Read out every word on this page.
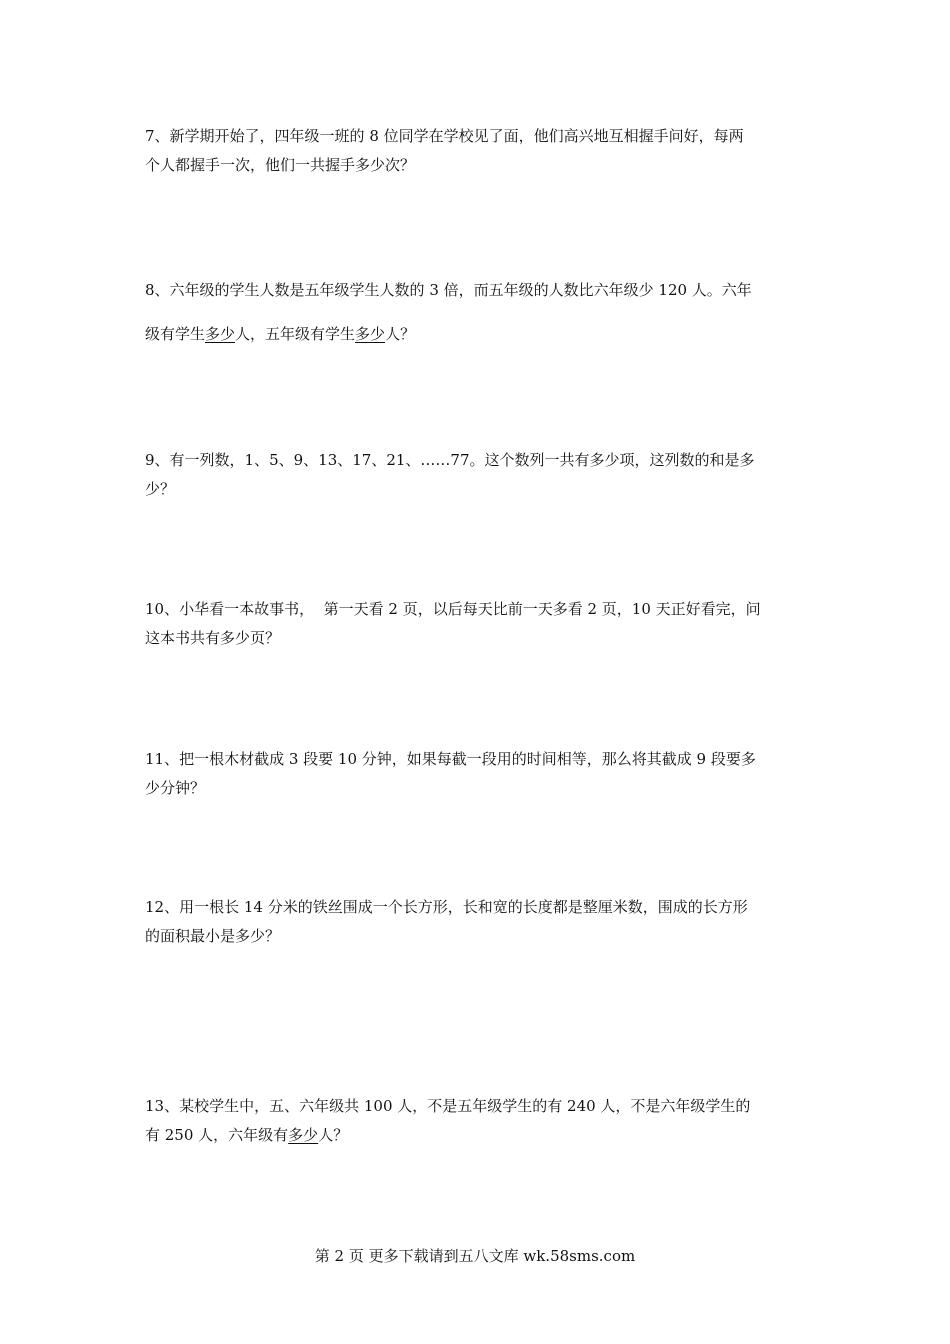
7、新学期开始了，四年级一班的 8 位同学在学校见了面，他们高兴地互相握手问好，每两

个人都握手一次，他们一共握手多少次？

8、六年级的学生人数是五年级学生人数的 3 倍，而五年级的人数比六年级少 120 人。六年

级有学生多少人，五年级有学生多少人？

9、有一列数，1、5、9、13、17、21、……77。这个数列一共有多少项，这列数的和是多

少？

10、小华看一本故事书，  第一天看 2 页，以后每天比前一天多看 2 页，10 天正好看完，问

这本书共有多少页？

11、把一根木材截成 3 段要 10 分钟，如果每截一段用的时间相等，那么将其截成 9 段要多

少分钟？

12、用一根长 14 分米的铁丝围成一个长方形，长和宽的长度都是整厘米数，围成的长方形

的面积最小是多少？

13、某校学生中，五、六年级共 100 人，不是五年级学生的有 240 人，不是六年级学生的

有 250 人，六年级有多少人？

第 2 页 更多下载请到五八文库 wk.58sms.com
